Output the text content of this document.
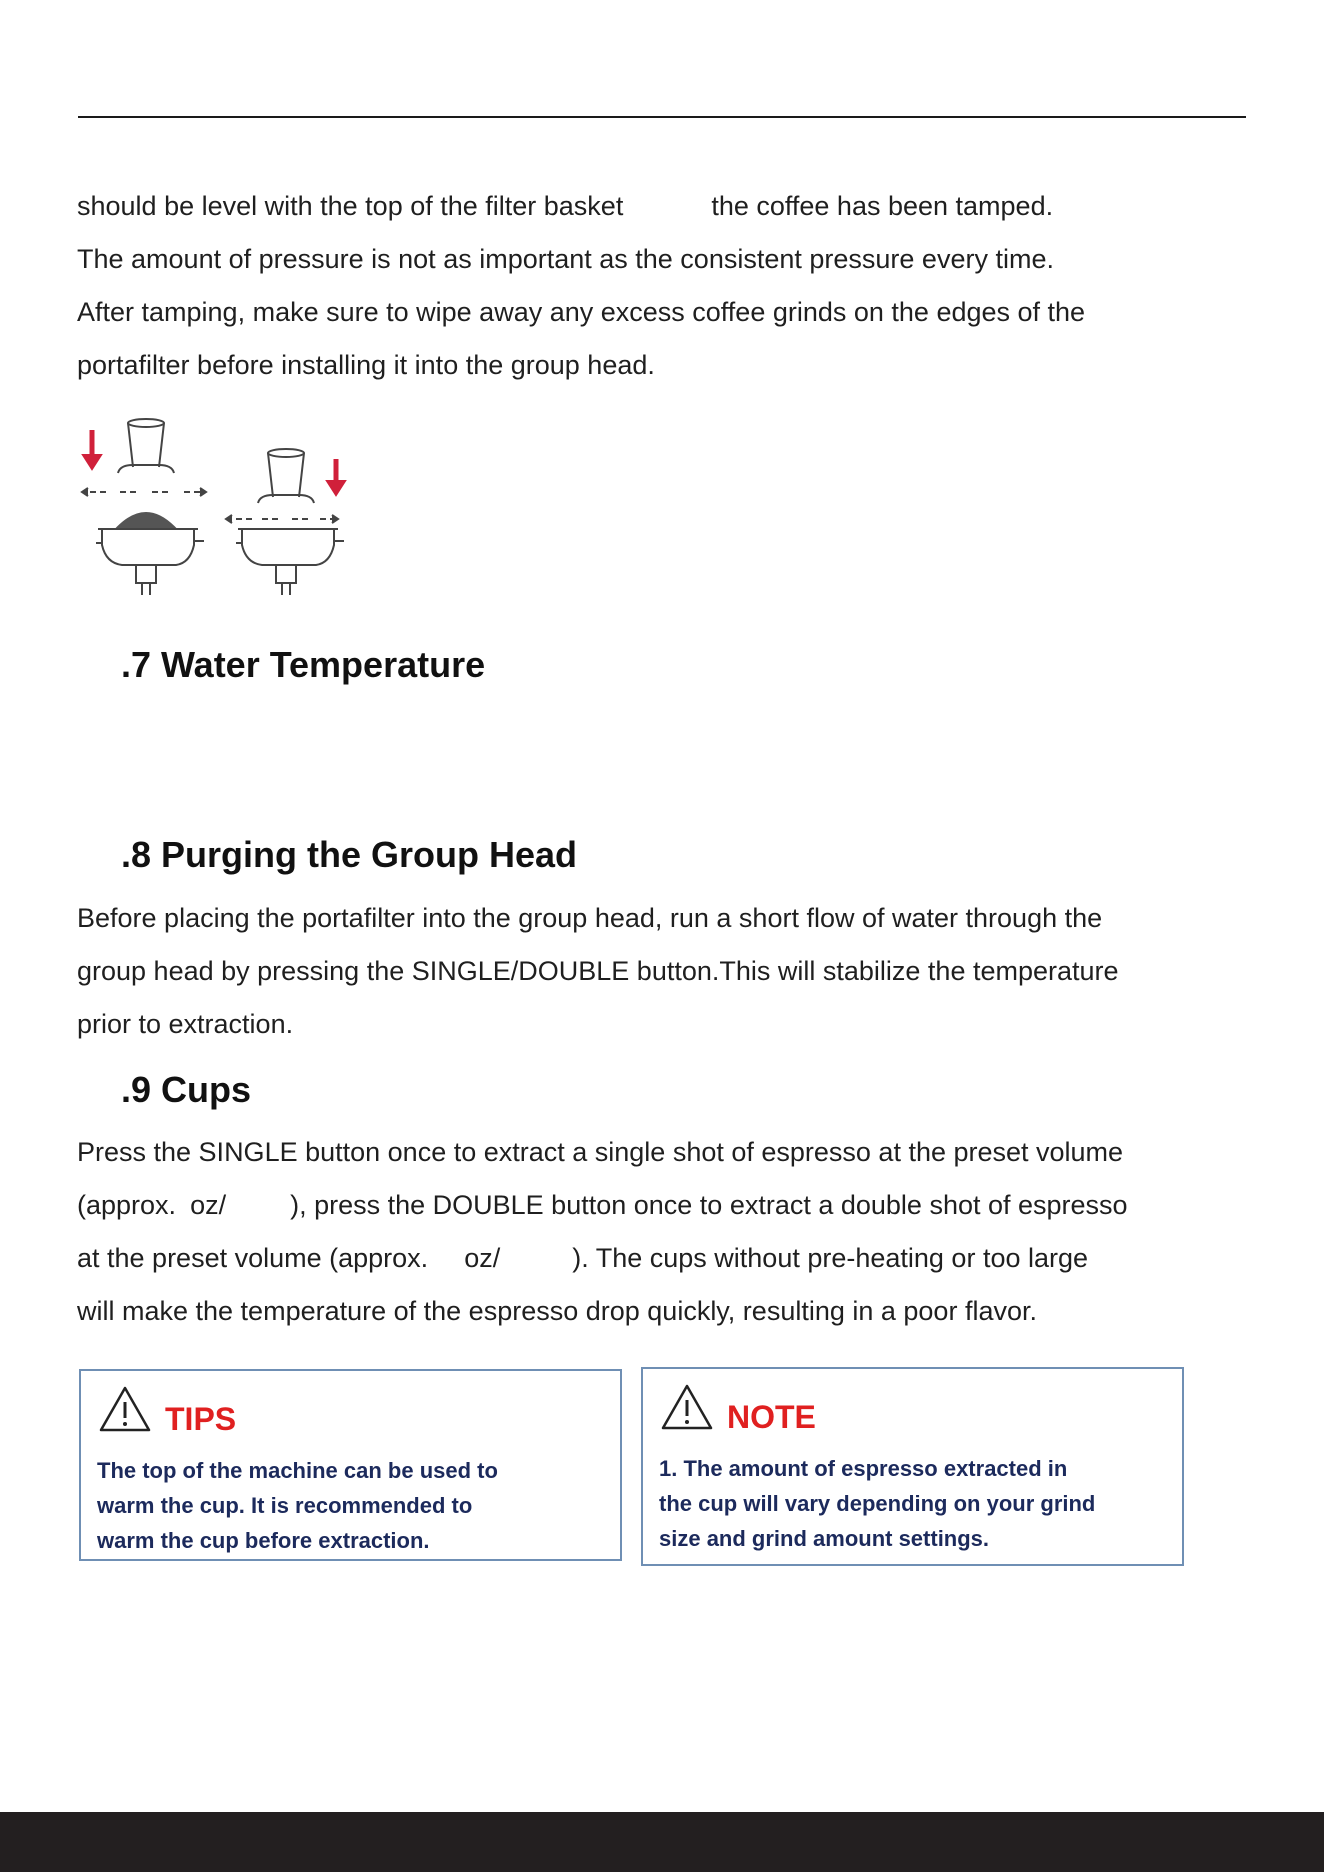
should be level with the top of the filter basket	the coffee has been tamped.
The amount of pressure is not as important as the consistent pressure every time.
After tamping, make sure to wipe away any excess coffee grinds on the edges of the
portafilter before installing it into the group head.
.7 Water Temperature
.8 Purging the Group Head
Before placing the portafilter into the group head, run a short flow of water through the
group head by pressing the SINGLE/DOUBLE button.This will stabilize the temperature
prior to extraction.
.9 Cups
Press the SINGLE button once to extract a single shot of espresso at the preset volume
(approx. oz/ ), press the DOUBLE button once to extract a double shot of espresso
at the preset volume (approx. oz/	). The cups without pre-heating or too large
will make the temperature of the espresso drop quickly, resulting in a poor flavor.
TIPS
The top of the machine can be used to
warm the cup. It is recommended to
warm the cup before extraction.
NOTE
1. The amount of espresso extracted in
the cup will vary depending on your grind
size and grind amount settings.
